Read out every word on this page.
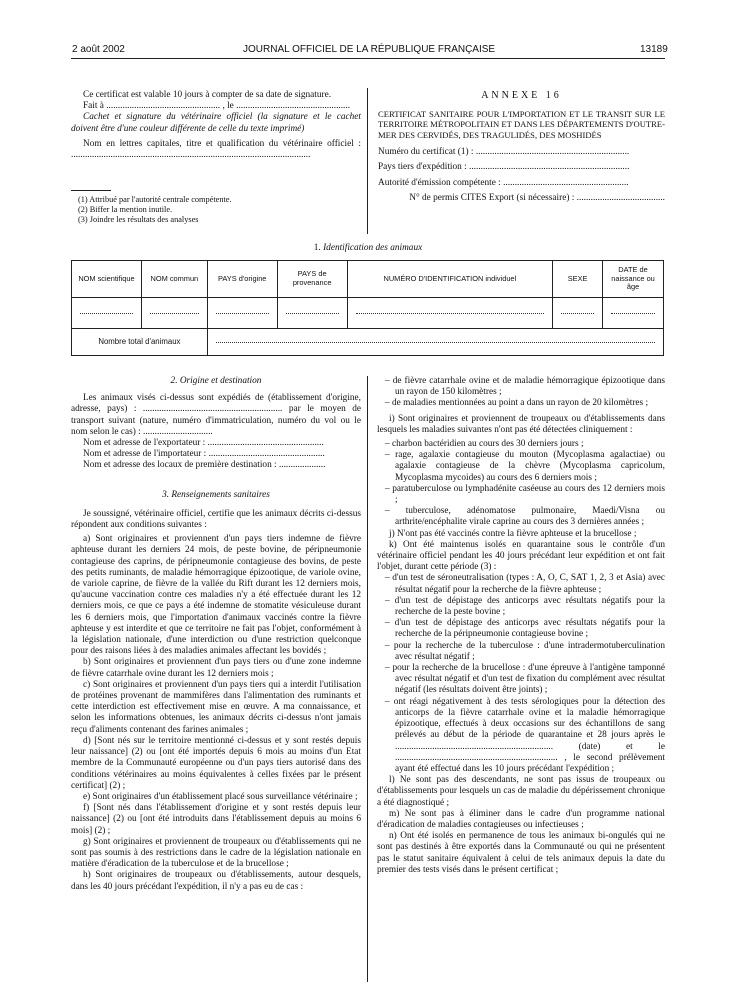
2 août 2002	JOURNAL OFFICIEL DE LA RÉPUBLIQUE FRANÇAISE	13189

Ce certificat est valable 10 jours à compter de sa date de signature.

Fait à ................................................. , le .................................................

Cachet et signature du vétérinaire officiel (la signature et le cachet doivent être d'une couleur différente de celle du texte imprimé)

Nom en lettres capitales, titre et qualification du vétérinaire officiel : .......................................................................................................

(1) Attribué par l'autorité centrale compétente.

(2) Biffer la mention inutile.

(3) Joindre les résultats des analyses

ANNEXE 16

CERTIFICAT SANITAIRE POUR L'IMPORTATION ET LE TRANSIT SUR LE TERRITOIRE MÉTROPOLITAIN ET DANS LES DÉPARTEMENTS D'OUTRE-MER DES CERVIDÉS, DES TRAGULIDÉS, DES MOSHIDÉS

Numéro du certificat (1) : ..................................................................

Pays tiers d'expédition : .....................................................................

Autorité d'émission compétente : ......................................................

N° de permis CITES Export (si nécessaire) : ......................................

1. Identification des animaux
NOM scientifique	NOM commun	PAYS d'origine	PAYS de provenance	NUMÉRO D'IDENTIFICATION individuel	SEXE	DATE de naissance ou âge

Nombre total d'animaux						

2. Origine et destination

Les animaux visés ci-dessus sont expédiés de (établissement d'origine, adresse, pays) : ............................................................ par le moyen de transport suivant (nature, numéro d'immatriculation, numéro du vol ou le nom selon le cas) : ..............................

Nom et adresse de l'exportateur : ..................................................

Nom et adresse de l'importateur : ..................................................

Nom et adresse des locaux de première destination : ....................

3. Renseignements sanitaires

Je soussigné, vétérinaire officiel, certifie que les animaux décrits ci-dessus répondent aux conditions suivantes :

a) Sont originaires et proviennent d'un pays tiers indemne de fièvre aphteuse durant les derniers 24 mois, de peste bovine, de péripneumonie contagieuse des caprins, de péripneumonie contagieuse des bovins, de peste des petits ruminants, de maladie hémorragique épizootique, de variole ovine, de variole caprine, de fièvre de la vallée du Rift durant les 12 derniers mois, qu'aucune vaccination contre ces maladies n'y a été effectuée durant les 12 derniers mois, ce que ce pays a été indemne de stomatite vésiculeuse durant les 6 derniers mois, que l'importation d'animaux vaccinés contre la fièvre aphteuse y est interdite et que ce territoire ne fait pas l'objet, conformément à la législation nationale, d'une interdiction ou d'une restriction quelconque pour des raisons liées à des maladies animales affectant les bovidés ;

b) Sont originaires et proviennent d'un pays tiers ou d'une zone indemne de fièvre catarrhale ovine durant les 12 derniers mois ;

c) Sont originaires et proviennent d'un pays tiers qui a interdit l'utilisation de protéines provenant de mammifères dans l'alimentation des ruminants et cette interdiction est effectivement mise en œuvre. A ma connaissance, et selon les informations obtenues, les animaux décrits ci-dessus n'ont jamais reçu d'aliments contenant des farines animales ;

d) [Sont nés sur le territoire mentionné ci-dessus et y sont restés depuis leur naissance] (2) ou [ont été importés depuis 6 mois au moins d'un Etat membre de la Communauté européenne ou d'un pays tiers autorisé dans des conditions vétérinaires au moins équivalentes à celles fixées par le présent certificat] (2) ;

e) Sont originaires d'un établissement placé sous surveillance vétérinaire ;

f) [Sont nés dans l'établissement d'origine et y sont restés depuis leur naissance] (2) ou [ont été introduits dans l'établissement depuis au moins 6 mois] (2) ;

g) Sont originaires et proviennent de troupeaux ou d'établissements qui ne sont pas soumis à des restrictions dans le cadre de la législation nationale en matière d'éradication de la tuberculose et de la brucellose ;

h) Sont originaires de troupeaux ou d'établissements, autour desquels, dans les 40 jours précédant l'expédition, il n'y a pas eu de cas :

– de fièvre catarrhale ovine et de maladie hémorragique épizootique dans un rayon de 150 kilomètres ;

– de maladies mentionnées au point a dans un rayon de 20 kilomètres ;

i) Sont originaires et proviennent de troupeaux ou d'établissements dans lesquels les maladies suivantes n'ont pas été détectées cliniquement :

– charbon bactéridien au cours des 30 derniers jours ;

– rage, agalaxie contagieuse du mouton (Mycoplasma agalactiae) ou agalaxie contagieuse de la chèvre (Mycoplasma capricolum, Mycoplasma mycoides) au cours des 6 derniers mois ;

– paratuberculose ou lymphadénite caséeuse au cours des 12 derniers mois ;

– tuberculose, adénomatose pulmonaire, Maedi/Visna ou arthrite/encéphalite virale caprine au cours des 3 dernières années ;

j) N'ont pas été vaccinés contre la fièvre aphteuse et la brucellose ;

k) Ont été maintenus isolés en quarantaine sous le contrôle d'un vétérinaire officiel pendant les 40 jours précédant leur expédition et ont fait l'objet, durant cette période (3) :

– d'un test de séroneutralisation (types : A, O, C, SAT 1, 2, 3 et Asia) avec résultat négatif pour la recherche de la fièvre aphteuse ;

– d'un test de dépistage des anticorps avec résultats négatifs pour la recherche de la peste bovine ;

– d'un test de dépistage des anticorps avec résultats négatifs pour la recherche de la péripneumonie contagieuse bovine ;

– pour la recherche de la tuberculose : d'une intradermotuberculination avec résultat négatif ;

– pour la recherche de la brucellose : d'une épreuve à l'antigène tamponné avec résultat négatif et d'un test de fixation du complément avec résultat négatif (les résultats doivent être joints) ;

– ont réagi négativement à des tests sérologiques pour la détection des anticorps de la fièvre catarrhale ovine et la maladie hémorragique épizootique, effectués à deux occasions sur des échantillons de sang prélevés au début de la période de quarantaine et 28 jours après le .................................................................... (date) et le ...................................................................... , le second prélèvement ayant été effectué dans les 10 jours précédant l'expédition ;

l) Ne sont pas des descendants, ne sont pas issus de troupeaux ou d'établissements pour lesquels un cas de maladie du dépérissement chronique a été diagnostiqué ;

m) Ne sont pas à éliminer dans le cadre d'un programme national d'éradication de maladies contagieuses ou infectieuses ;

n) Ont été isolés en permanence de tous les animaux bi-ongulés qui ne sont pas destinés à être exportés dans la Communauté ou qui ne présentent pas le statut sanitaire équivalent à celui de tels animaux depuis la date du premier des tests visés dans le présent certificat ;
